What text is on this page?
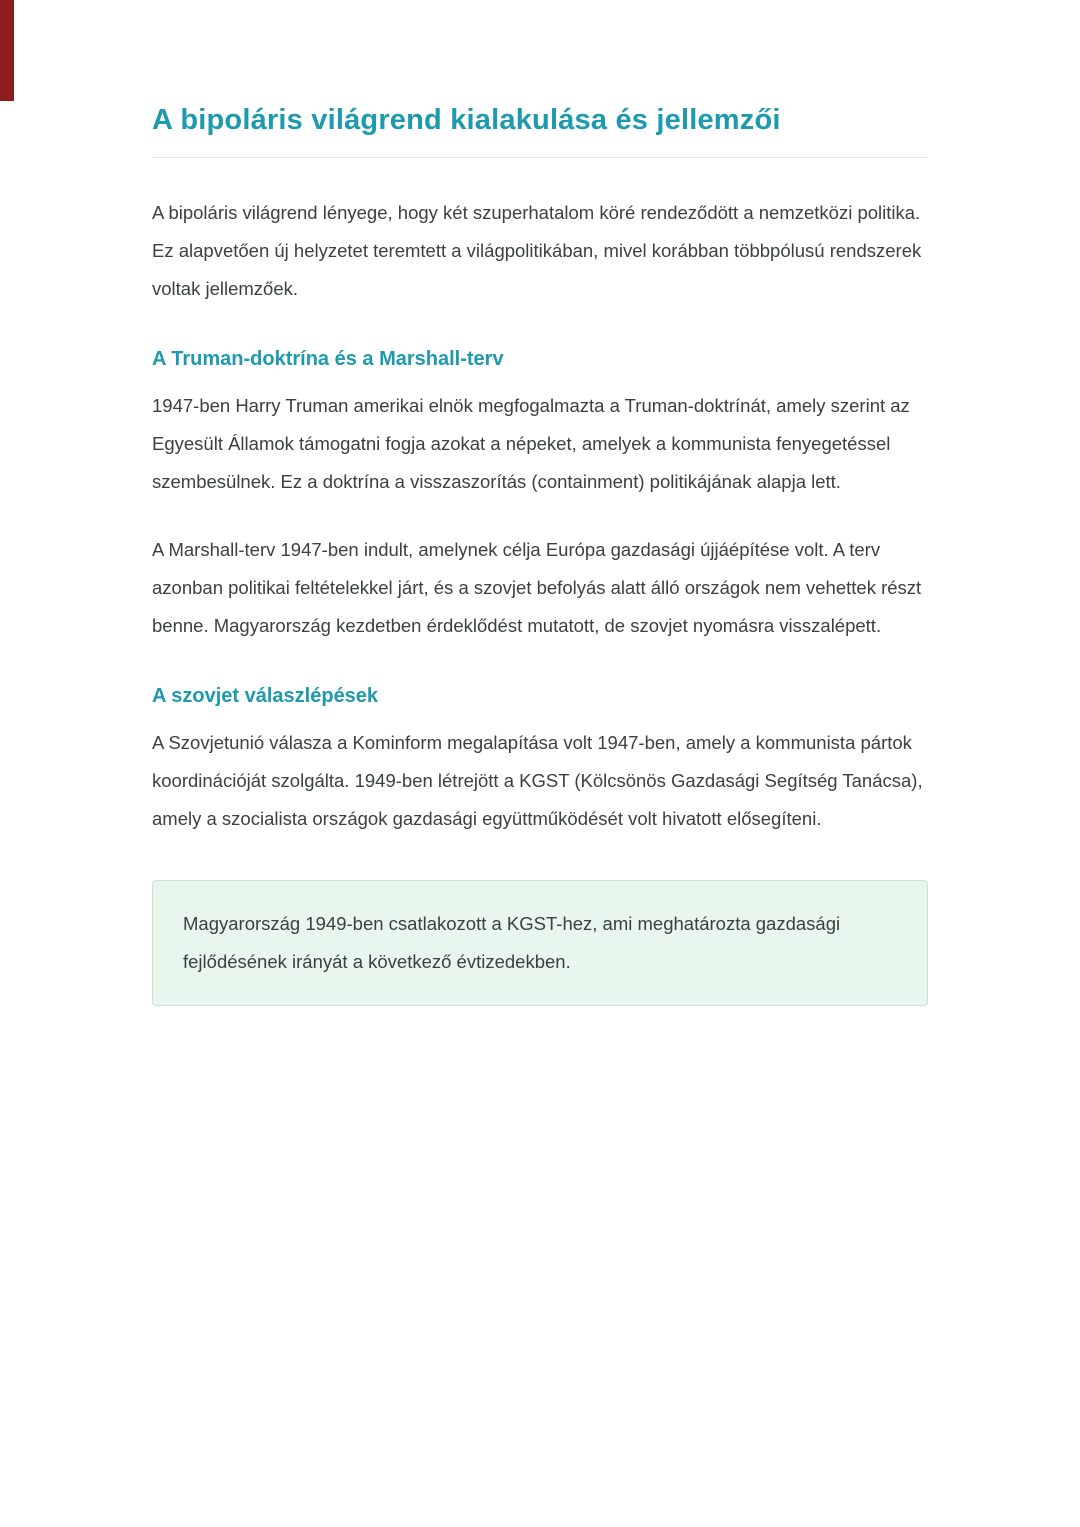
A bipoláris világrend kialakulása és jellemzői

A bipoláris világrend lényege, hogy két szuperhatalom köré rendeződött a nemzetközi politika. Ez alapvetően új helyzetet teremtett a világpolitikában, mivel korábban többpólusú rendszerek voltak jellemzőek.

A Truman-doktrína és a Marshall-terv

1947-ben Harry Truman amerikai elnök megfogalmazta a Truman-doktrínát, amely szerint az Egyesült Államok támogatni fogja azokat a népeket, amelyek a kommunista fenyegetéssel szembesülnek. Ez a doktrína a visszaszorítás (containment) politikájának alapja lett.

A Marshall-terv 1947-ben indult, amelynek célja Európa gazdasági újjáépítése volt. A terv azonban politikai feltételekkel járt, és a szovjet befolyás alatt álló országok nem vehettek részt benne. Magyarország kezdetben érdeklődést mutatott, de szovjet nyomásra visszalépett.

A szovjet válaszlépések

A Szovjetunió válasza a Kominform megalapítása volt 1947-ben, amely a kommunista pártok koordinációját szolgálta. 1949-ben létrejött a KGST (Kölcsönös Gazdasági Segítség Tanácsa), amely a szocialista országok gazdasági együttműködését volt hivatott elősegíteni.

Magyarország 1949-ben csatlakozott a KGST-hez, ami meghatározta gazdasági fejlődésének irányát a következő évtizedekben.
